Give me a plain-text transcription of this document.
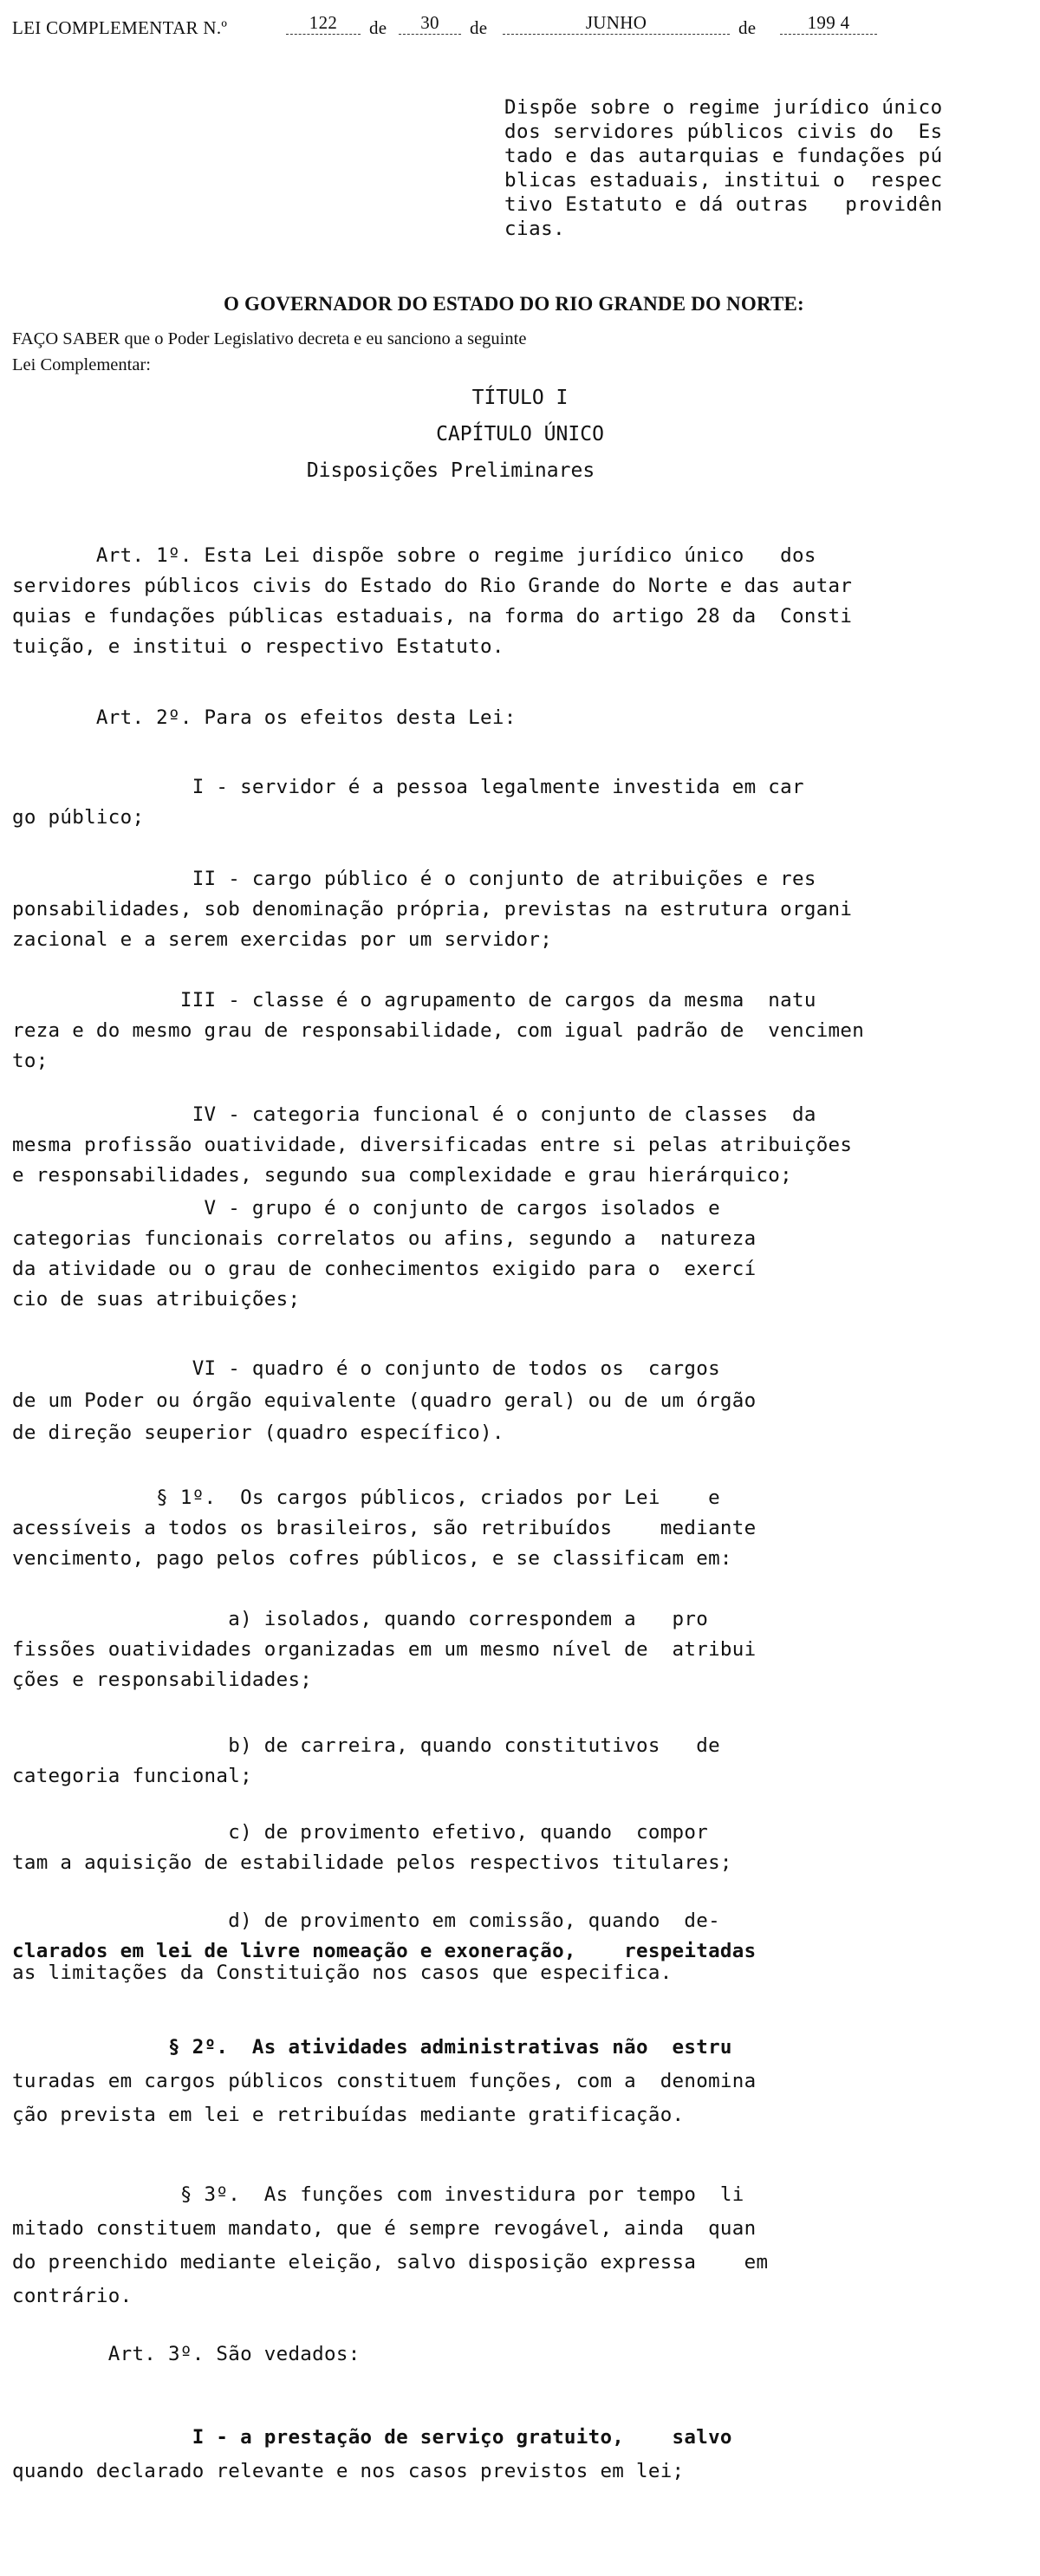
LEI COMPLEMENTAR N.º	122	de	30	de	JUNHO	de	199 4
Dispõe sobre o regime jurídico único
dos servidores públicos civis do  Es
tado e das autarquias e fundações pú
blicas estaduais, institui o  respec
tivo Estatuto e dá outras   providên
cias.
O GOVERNADOR DO ESTADO DO RIO GRANDE DO NORTE:
FAÇO SABER que o Poder Legislativo decreta e eu sanciono a seguinte
Lei Complementar:
TÍTULO I
CAPÍTULO ÚNICO
Disposições Preliminares
Art. 1º. Esta Lei dispõe sobre o regime jurídico único   dos
servidores públicos civis do Estado do Rio Grande do Norte e das autar
quias e fundações públicas estaduais, na forma do artigo 28 da  Consti
tuição, e institui o respectivo Estatuto.
Art. 2º. Para os efeitos desta Lei:
I - servidor é a pessoa legalmente investida em car
go público;
II - cargo público é o conjunto de atribuições e res
ponsabilidades, sob denominação própria, previstas na estrutura organi
zacional e a serem exercidas por um servidor;
III - classe é o agrupamento de cargos da mesma  natu
reza e do mesmo grau de responsabilidade, com igual padrão de  vencimen
to;
IV - categoria funcional é o conjunto de classes  da
mesma profissão ouatividade, diversificadas entre si pelas atribuições
e responsabilidades, segundo sua complexidade e grau hierárquico;
V - grupo é o conjunto de cargos isolados e
categorias funcionais correlatos ou afins, segundo a  natureza
da atividade ou o grau de conhecimentos exigido para o  exercí
cio de suas atribuições;
VI - quadro é o conjunto de todos os  cargos
de um Poder ou órgão equivalente (quadro geral) ou de um órgão
de direção seuperior (quadro específico).
§ 1º.  Os cargos públicos, criados por Lei    e
acessíveis a todos os brasileiros, são retribuídos    mediante
vencimento, pago pelos cofres públicos, e se classificam em:
a) isolados, quando correspondem a   pro
fissões ouatividades organizadas em um mesmo nível de  atribui
ções e responsabilidades;
b) de carreira, quando constitutivos   de
categoria funcional;
c) de provimento efetivo, quando  compor
tam a aquisição de estabilidade pelos respectivos titulares;
d) de provimento em comissão, quando  de-
clarados em lei de livre nomeação e exoneração,    respeitadas
as limitações da Constituição nos casos que especifica.
§ 2º.  As atividades administrativas não  estru
turadas em cargos públicos constituem funções, com a  denomina
ção prevista em lei e retribuídas mediante gratificação.
§ 3º.  As funções com investidura por tempo  li
mitado constituem mandato, que é sempre revogável, ainda  quan
do preenchido mediante eleição, salvo disposição expressa    em
contrário.
Art. 3º. São vedados:
I - a prestação de serviço gratuito,    salvo
quando declarado relevante e nos casos previstos em lei;
